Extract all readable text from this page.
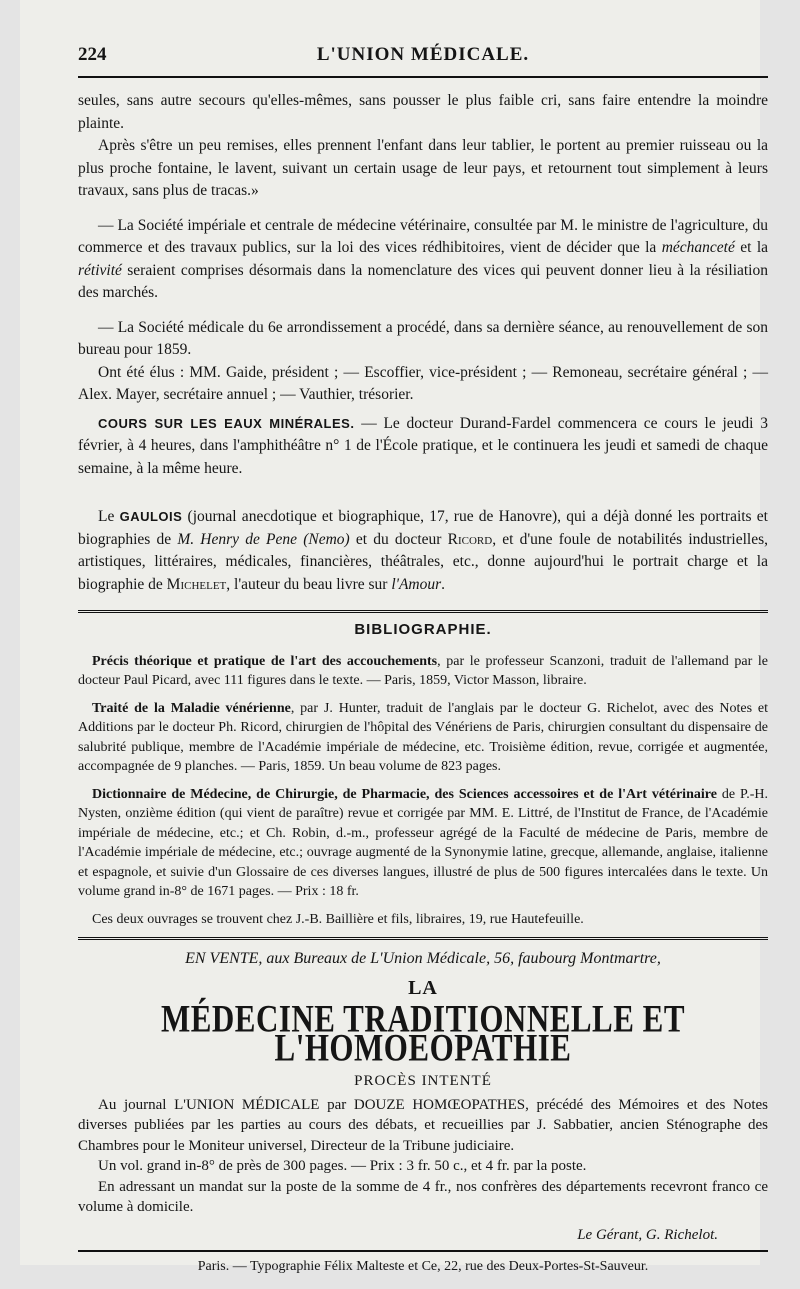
224	L'UNION MÉDICALE.

seules, sans autre secours qu'elles-mêmes, sans pousser le plus faible cri, sans faire entendre la moindre plainte.

Après s'être un peu remises, elles prennent l'enfant dans leur tablier, le portent au premier ruisseau ou la plus proche fontaine, le lavent, suivant un certain usage de leur pays, et retournent tout simplement à leurs travaux, sans plus de tracas.»

— La Société impériale et centrale de médecine vétérinaire, consultée par M. le ministre de l'agriculture, du commerce et des travaux publics, sur la loi des vices rédhibitoires, vient de décider que la méchanceté et la rétivité seraient comprises désormais dans la nomenclature des vices qui peuvent donner lieu à la résiliation des marchés.

— La Société médicale du 6e arrondissement a procédé, dans sa dernière séance, au renouvellement de son bureau pour 1859.

Ont été élus : MM. Gaide, président ; — Escoffier, vice-président ; — Remoneau, secrétaire général ; — Alex. Mayer, secrétaire annuel ; — Vauthier, trésorier.

COURS SUR LES EAUX MINÉRALES. — Le docteur Durand-Fardel commencera ce cours le jeudi 3 février, à 4 heures, dans l'amphithéâtre n° 1 de l'École pratique, et le continuera les jeudi et samedi de chaque semaine, à la même heure.

Le GAULOIS (journal anecdotique et biographique, 17, rue de Hanovre), qui a déjà donné les portraits et biographies de M. Henry de Pene (Nemo) et du docteur Ricord, et d'une foule de notabilités industrielles, artistiques, littéraires, médicales, financières, théâtrales, etc., donne aujourd'hui le portrait charge et la biographie de Michelet, l'auteur du beau livre sur l'Amour.

BIBLIOGRAPHIE.

Précis théorique et pratique de l'art des accouchements, par le professeur Scanzoni, traduit de l'allemand par le docteur Paul Picard, avec 111 figures dans le texte. — Paris, 1859, Victor Masson, libraire.

Traité de la Maladie vénérienne, par J. Hunter, traduit de l'anglais par le docteur G. Richelot, avec des Notes et Additions par le docteur Ph. Ricord, chirurgien de l'hôpital des Vénériens de Paris, chirurgien consultant du dispensaire de salubrité publique, membre de l'Académie impériale de médecine, etc. Troisième édition, revue, corrigée et augmentée, accompagnée de 9 planches. — Paris, 1859. Un beau volume de 823 pages.

Dictionnaire de Médecine, de Chirurgie, de Pharmacie, des Sciences accessoires et de l'Art vétérinaire de P.-H. Nysten, onzième édition (qui vient de paraître) revue et corrigée par MM. E. Littré, de l'Institut de France, de l'Académie impériale de médecine, etc.; et Ch. Robin, d.-m., professeur agrégé de la Faculté de médecine de Paris, membre de l'Académie impériale de médecine, etc.; ouvrage augmenté de la Synonymie latine, grecque, allemande, anglaise, italienne et espagnole, et suivie d'un Glossaire de ces diverses langues, illustré de plus de 500 figures intercalées dans le texte. Un volume grand in-8° de 1671 pages. — Prix : 18 fr.

Ces deux ouvrages se trouvent chez J.-B. Baillière et fils, libraires, 19, rue Hautefeuille.

EN VENTE, aux Bureaux de L'Union Médicale, 56, faubourg Montmartre,
LA
MÉDECINE TRADITIONNELLE ET L'HOMOEOPATHIE
PROCÈS INTENTÉ

Au journal L'UNION MÉDICALE par DOUZE HOMŒOPATHES, précédé des Mémoires et des Notes diverses publiées par les parties au cours des débats, et recueillies par J. Sabbatier, ancien Sténographe des Chambres pour le Moniteur universel, Directeur de la Tribune judiciaire.

Un vol. grand in-8° de près de 300 pages. — Prix : 3 fr. 50 c., et 4 fr. par la poste.

En adressant un mandat sur la poste de la somme de 4 fr., nos confrères des départements recevront franco ce volume à domicile.

Le Gérant, G. Richelot.
Paris. — Typographie Félix Malteste et Ce, 22, rue des Deux-Portes-St-Sauveur.
